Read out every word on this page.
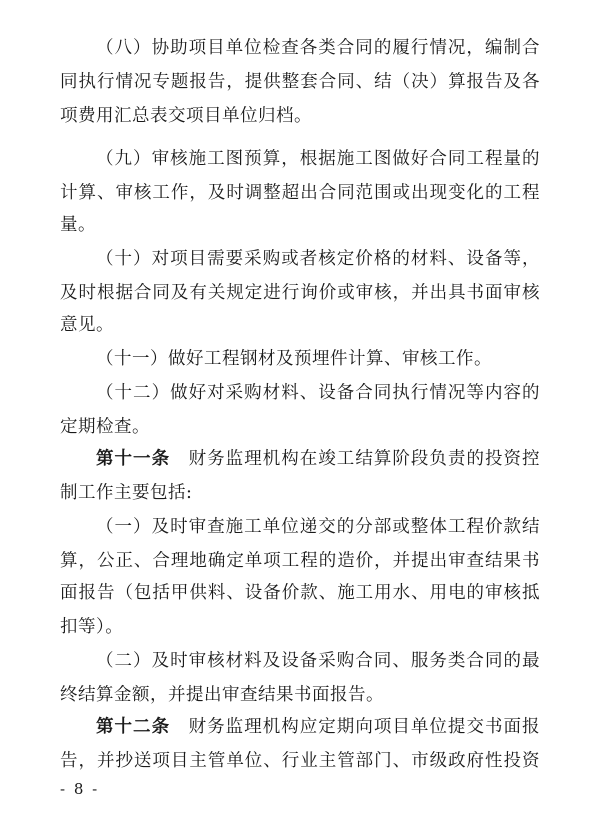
（八）协助项目单位检查各类合同的履行情况，编制合
同执行情况专题报告，提供整套合同、结（决）算报告及各
项费用汇总表交项目单位归档。
（九）审核施工图预算，根据施工图做好合同工程量的
计算、审核工作，及时调整超出合同范围或出现变化的工程
量。
（十）对项目需要采购或者核定价格的材料、设备等，
及时根据合同及有关规定进行询价或审核，并出具书面审核
意见。
（十一）做好工程钢材及预埋件计算、审核工作。
（十二）做好对采购材料、设备合同执行情况等内容的
定期检查。
第十一条　 财务监理机构在竣工结算阶段负责的投资控
制工作主要包括:
（一）及时审查施工单位递交的分部或整体工程价款结
算，公正、合理地确定单项工程的造价，并提出审查结果书
面报告（包括甲供料、设备价款、施工用水、用电的审核抵
扣等）。
（二）及时审核材料及设备采购合同、服务类合同的最
终结算金额，并提出审查结果书面报告。
第十二条　 财务监理机构应定期向项目单位提交书面报
告，并抄送项目主管单位、行业主管部门、市级政府性投资
- 8 -
